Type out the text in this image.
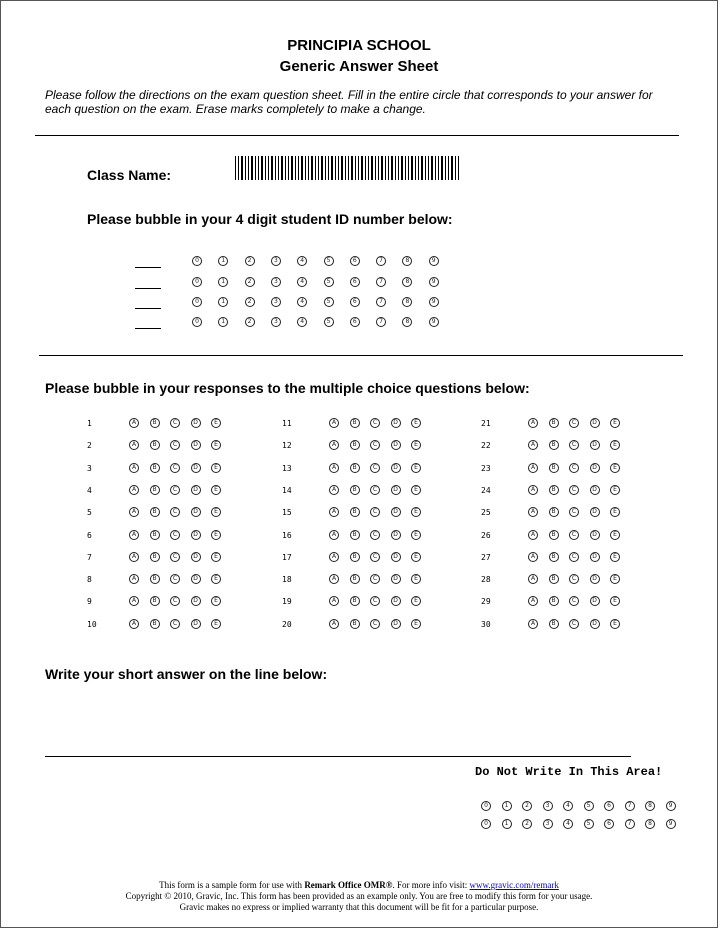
PRINCIPIA SCHOOL
Generic Answer Sheet
Please follow the directions on the exam question sheet. Fill in the entire circle that corresponds to your answer for each question on the exam. Erase marks completely to make a change.
Class Name:
Please bubble in your 4 digit student ID number below:
Please bubble in your responses to the multiple choice questions below:
Write your short answer on the line below:
Do Not Write In This Area!
This form is a sample form for use with Remark Office OMR®. For more info visit: www.gravic.com/remark
Copyright © 2010, Gravic, Inc. This form has been provided as an example only. You are free to modify this form for your usage.
Gravic makes no express or implied warranty that this document will be fit for a particular purpose.
0	1	2	3	4	5	6	7	8	9
0	1	2	3	4	5	6	7	8	9
0	1	2	3	4	5	6	7	8	9
0	1	2	3	4	5	6	7	8	9
1	A	B	C	D	E
2	A	B	C	D	E
3	A	B	C	D	E
4	A	B	C	D	E
5	A	B	C	D	E
6	A	B	C	D	E
7	A	B	C	D	E
8	A	B	C	D	E
9	A	B	C	D	E
10	A	B	C	D	E
11	A	B	C	D	E
12	A	B	C	D	E
13	A	B	C	D	E
14	A	B	C	D	E
15	A	B	C	D	E
16	A	B	C	D	E
17	A	B	C	D	E
18	A	B	C	D	E
19	A	B	C	D	E
20	A	B	C	D	E
21	A	B	C	D	E
22	A	B	C	D	E
23	A	B	C	D	E
24	A	B	C	D	E
25	A	B	C	D	E
26	A	B	C	D	E
27	A	B	C	D	E
28	A	B	C	D	E
29	A	B	C	D	E
30	A	B	C	D	E
0	1	2	3	4	5	6	7	8	9
0	1	2	3	4	5	6	7	8	9
